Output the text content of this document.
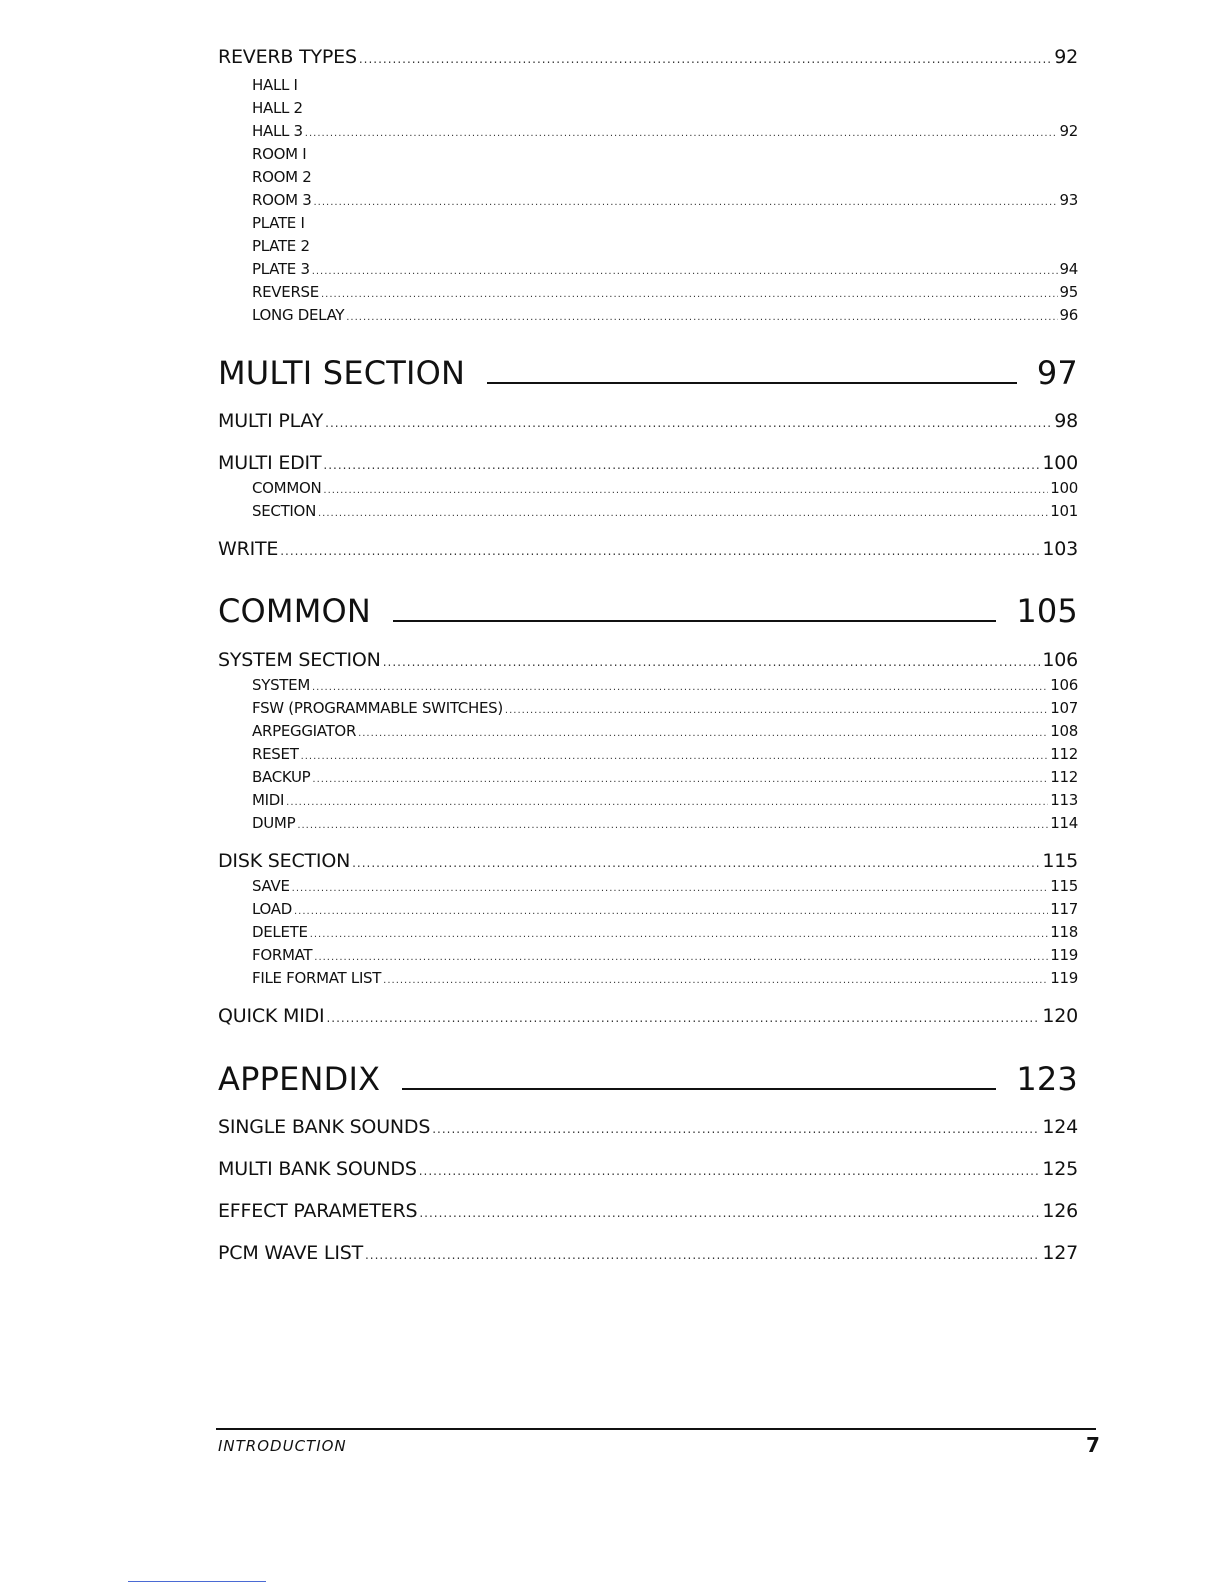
REVERB TYPES .....	92
HALL I
HALL 2
HALL 3 .....	92
ROOM I
ROOM 2
ROOM 3 .....	93
PLATE I
PLATE 2
PLATE 3 .....	94
REVERSE .....	95
LONG DELAY .....	96
MULTI SECTION	97
MULTI PLAY .....	98
MULTI EDIT .....	100
COMMON .....	100
SECTION .....	101
WRITE .....	103
COMMON	105
SYSTEM SECTION .....	106
SYSTEM .....	106
FSW (PROGRAMMABLE SWITCHES) .....	107
ARPEGGIATOR .....	108
RESET .....	112
BACKUP .....	112
MIDI .....	113
DUMP .....	114
DISK SECTION .....	115
SAVE .....	115
LOAD .....	117
DELETE .....	118
FORMAT .....	119
FILE FORMAT LIST .....	119
QUICK MIDI .....	120
APPENDIX	123
SINGLE BANK SOUNDS .....	124
MULTI BANK SOUNDS .....	125
EFFECT PARAMETERS .....	126
PCM WAVE LIST .....	127
INTRODUCTION	7
